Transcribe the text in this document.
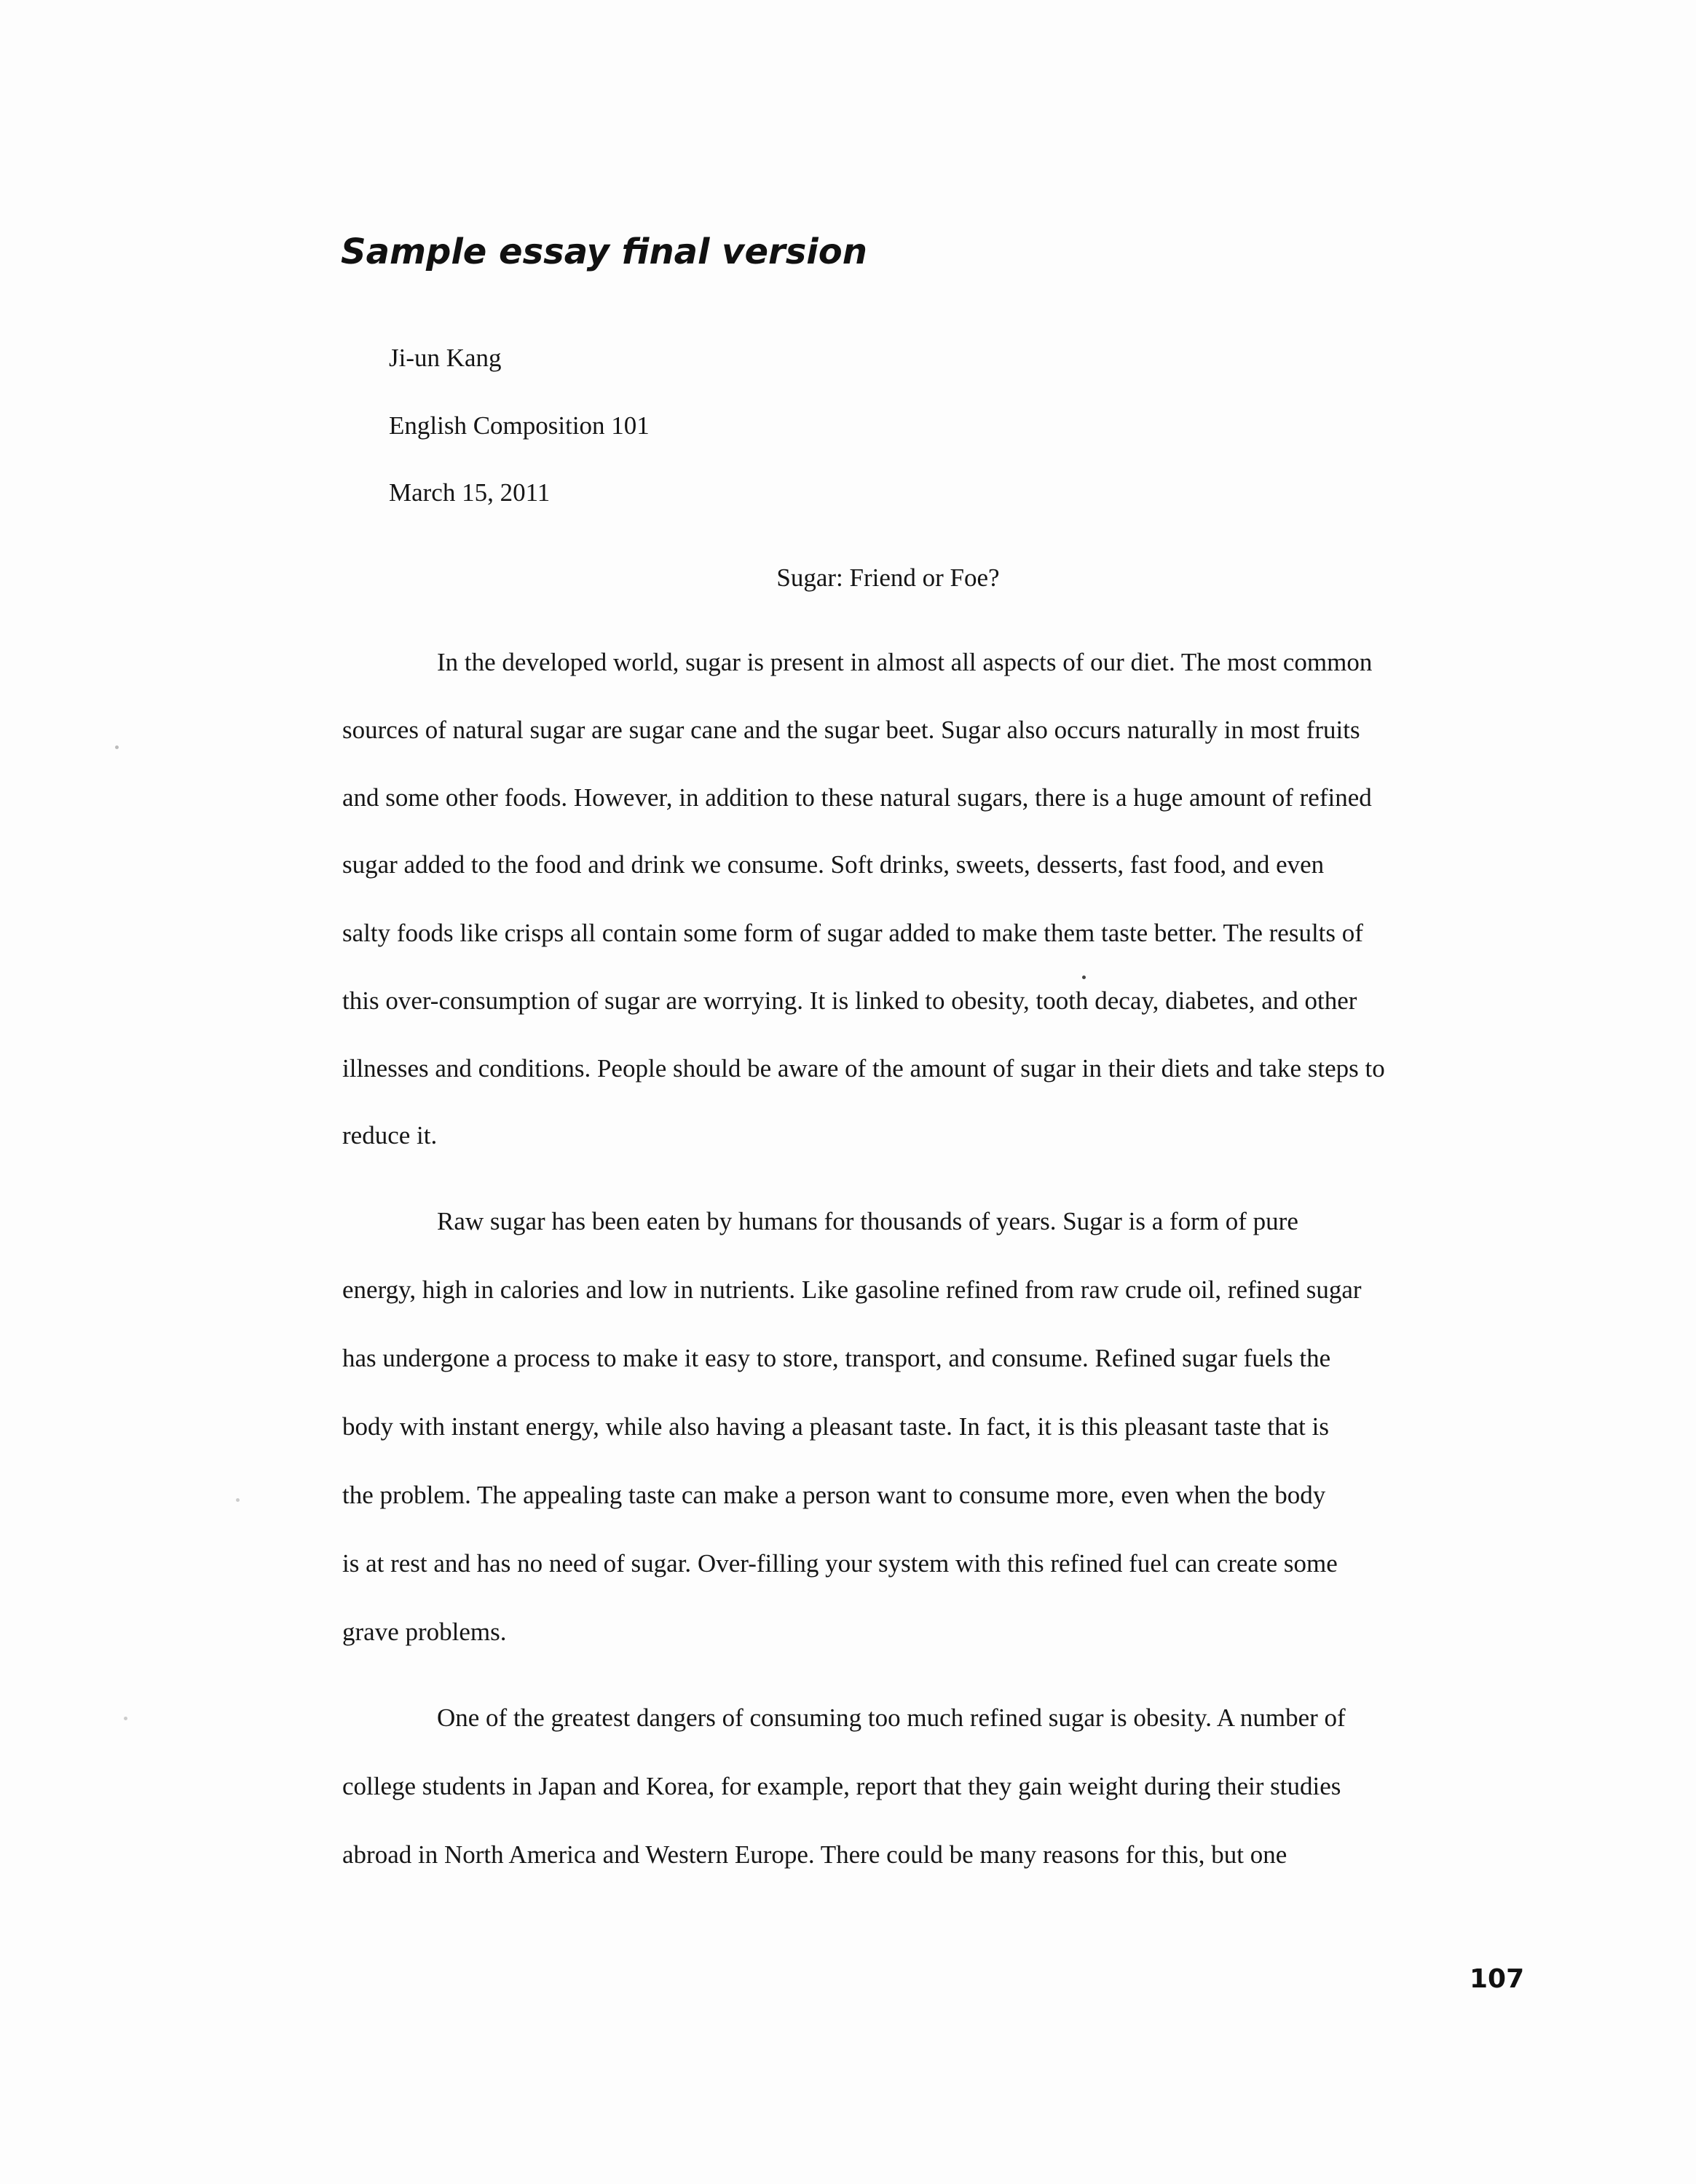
Sample essay final version
Ji-un Kang
English Composition 101
March 15, 2011
Sugar: Friend or Foe?
In the developed world, sugar is present in almost all aspects of our diet. The most common
sources of natural sugar are sugar cane and the sugar beet. Sugar also occurs naturally in most fruits
and some other foods. However, in addition to these natural sugars, there is a huge amount of refined
sugar added to the food and drink we consume. Soft drinks, sweets, desserts, fast food, and even
salty foods like crisps all contain some form of sugar added to make them taste better. The results of
this over-consumption of sugar are worrying. It is linked to obesity, tooth decay, diabetes, and other
illnesses and conditions. People should be aware of the amount of sugar in their diets and take steps to
reduce it.
Raw sugar has been eaten by humans for thousands of years. Sugar is a form of pure
energy, high in calories and low in nutrients. Like gasoline refined from raw crude oil, refined sugar
has undergone a process to make it easy to store, transport, and consume. Refined sugar fuels the
body with instant energy, while also having a pleasant taste. In fact, it is this pleasant taste that is
the problem. The appealing taste can make a person want to consume more, even when the body
is at rest and has no need of sugar. Over-filling your system with this refined fuel can create some
grave problems.
One of the greatest dangers of consuming too much refined sugar is obesity. A number of
college students in Japan and Korea, for example, report that they gain weight during their studies
abroad in North America and Western Europe. There could be many reasons for this, but one
107
